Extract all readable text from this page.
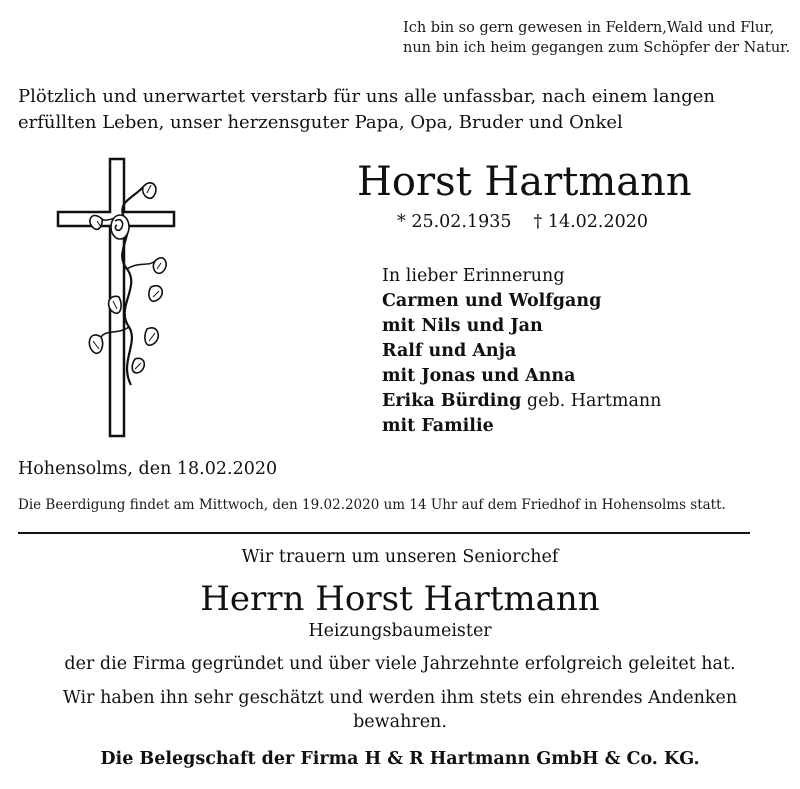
Ich bin so gern gewesen in Feldern,Wald und Flur,
nun bin ich heim gegangen zum Schöpfer der Natur.
Plötzlich und unerwartet verstarb für uns alle unfassbar, nach einem langen
erfüllten Leben, unser herzensguter Papa, Opa, Bruder und Onkel
Horst Hartmann
* 25.02.1935 † 14.02.2020
In lieber Erinnerung
Carmen und Wolfgang
mit Nils und Jan
Ralf und Anja
mit Jonas und Anna
Erika Bürding geb. Hartmann
mit Familie
Hohensolms, den 18.02.2020
Die Beerdigung findet am Mittwoch, den 19.02.2020 um 14 Uhr auf dem Friedhof in Hohensolms statt.
Wir trauern um unseren Seniorchef
Herrn Horst Hartmann
Heizungsbaumeister
der die Firma gegründet und über viele Jahrzehnte erfolgreich geleitet hat.
Wir haben ihn sehr geschätzt und werden ihm stets ein ehrendes Andenken
bewahren.
Die Belegschaft der Firma H & R Hartmann GmbH & Co. KG.
